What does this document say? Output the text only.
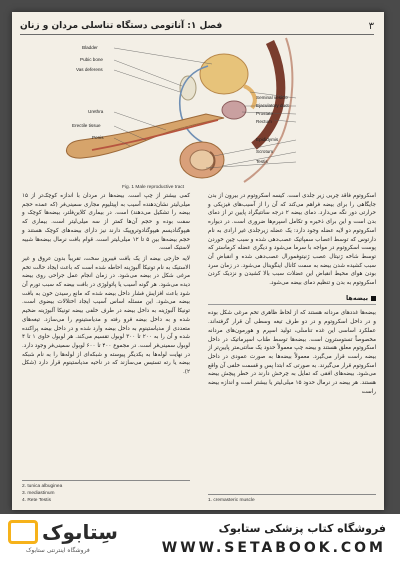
۳
فصل ۱: آناتومی دستگاه تناسلی مردان و زنان
Bladder
Pubic bone
Vas deferens
Urethra
Erectile tissue
Penis
Seminal vesicle
Ejaculatory duct
Prostate
Rectum
Epididymis
Scrotum
Testis
Fig. 1 Male reproductive tract

اسکروتوم فاقد چربی زیر جلدی است. کیسه اسکروتوم در بیرون از بدن جایگاهی را برای بیضه فراهم می‌کند که آن را از آسیب‌های فیزیکی و حرارتی دور نگه می‌دارد. دمای بیضه ۲ درجه سانتیگراد پایین تر از دمای بدن است و این برای ذخیره و تکامل اسپرم‌ها ضروری است. در دیواره اسکروتوم دو لایه عضله وجود دارد: یک عضله زیرجلدی غیر ارادی به نام دارتوس که توسط اعصاب سمپاتیک عصب‌دهی شده و سبب چین خوردن پوست اسکروتوم در مواجه با سرما می‌شود و دیگری عضله کرماستر که توسط شاخه ژنیتال عصب ژنیتوفمورال عصب‌دهی شده و انقباض آن سبب کشیده شدن بیضه به سمت کانال اینگوینال می‌شود. در زمان سرد بودن هوای محیط انقباض این عضلات سبب بالا کشیدن و نزدیک کردن اسکروتوم به بدن و تنظیم دمای بیضه می‌شود.

بیضه‌ها

بیضه‌ها غددهای مردانه هستند که از لحاظ ظاهری تخم مرغی شکل بوده و در داخل اسکروتوم و در دو طرف تیغه وسطی آن قرار گرفته‌اند. عملکرد اساسی این غده تناسلی، تولید اسپرم و هورمون‌های مردانه مخصوصاً تستوسترون است. بیضه‌ها توسط طناب اسپرماتیک در داخل اسکروتوم معلق هستند و بیضه چپ معمولاً حدود یک سانتی‌متر پایین‌تر از بیضه راست قرار می‌گیرد. معمولاً بیضه‌ها به صورت عمودی در داخل اسکروتوم قرار می‌گیرند. به صورتی که ابتدا پس و قسمت خلفی آن واقع می‌شود. بیضه‌های افقی که تمایل به چرخش دارند در خطر پیچش بیضه هستند. هر بیضه در نرمال حدود ۱۵ میلی‌لیتر یا بیشتر است و اندازه بیضه راست

کمی بیشتر از چپ است. بیضه‌ها در مردان با اندازه کوچک‌تر از ۱۵ میلی‌لیتر نشان‌دهنده آسیب به اپیتلیوم مجاری سمینی‌فر (که عمده حجم بیضه را تشکیل می‌دهند) است. در بیماری کلاین‌فلتر، بیضه‌ها کوچک و سفت بوده و حجم آن‌ها کمتر از سه میلی‌لیتر است. بیماری که هیپوگنادیسم هیپوگنادوتروپیک دارند نیز دارای بیضه‌های کوچک هستند و حجم بیضه‌ها بین ۵ تا ۱۲ میلی‌لیتر است. قوام بافت نرمال بیضه‌ها شبیه لاستیک است.

لایه خارجی بیضه از یک بافت فیبروز سخت، تقریباً بدون عروق و غیر الاستیک به نام تونیکا آلبوژینه احاطه شده است که باعث ایجاد حالت تخم مرغی شکل در بیضه می‌شود. در زمان انجام عمل جراحی روی بیضه دیده می‌شود. هر گونه آسیب یا پاتولوژی در بافت بیضه که سبب تورم آن شود باعث افزایش فشار داخل بیضه شده که مانع رسیدن خون به بافت بیضه می‌شود. این مسئله اساس آسیب ایجاد اختلالات بیضوی است. تونیکا آلبوژینه به داخل بیضه در طرف خلفی بیضه تونیکا آلبوژینه ضخیم شده و به داخل بیضه فرو رفته و مدیاستینوم را می‌سازد. تیغه‌های متعددی از مدیاستینوم به داخل بیضه وارد شده و در داخل بیضه پراکنده شده و آن را به ۲۰۰ تا ۳۰۰ لوبول تقسیم می‌کند. هر لوبول حاوی ۱ تا ۴ لوبول سمینی‌فر است. در مجموع ۴۰۰ تا ۶۰۰ لوبول سمینی‌فر وجود دارد. در نهایت لوله‌ها به یکدیگر پیوسته و شبکه‌ای از لوله‌ها را به نام شبکه بیضه یا رته تستیس می‌سازند که در ناحیه مدیاستینوم قرار دارد (شکل ۲).

2. tunica albuginea
3. mediastinum
4. Rete Testis	1. cremasteric muscle
سِتابوک
فروشگاه اینترنتی ستابوک
فروشگاه کتاب پزشکی ستابوک
WWW.SETABOOK.COM
